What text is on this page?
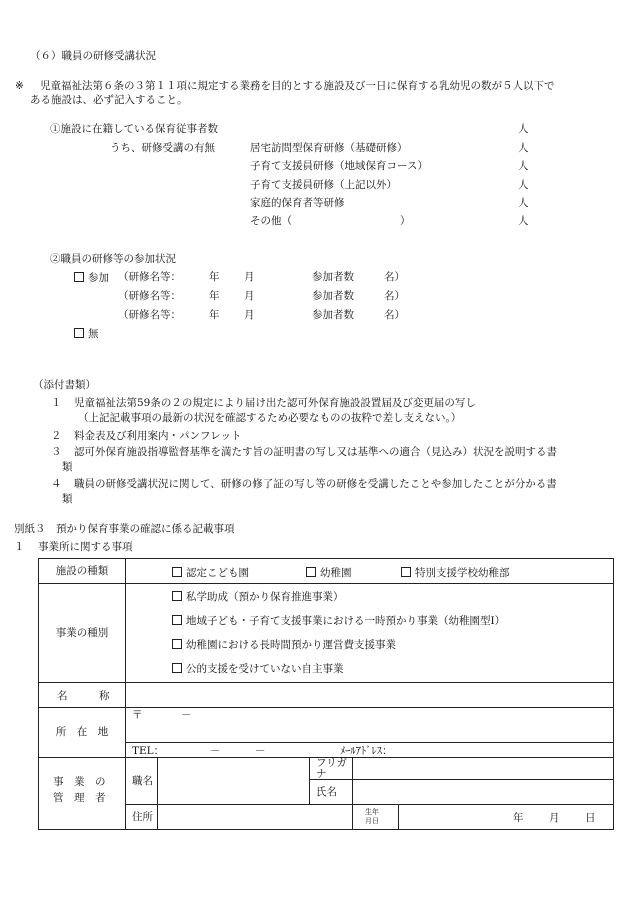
（６）職員の研修受講状況
※ 児童福祉法第６条の３第１１項に規定する業務を目的とする施設及び一日に保育する乳幼児の数が５人以下で
ある施設は、必ず記入すること。
①施設に在籍している保育従事者数	人
うち、研修受講の有無	居宅訪問型保育研修（基礎研修）	人
子育て支援員研修（地域保育コース）	人
子育て支援員研修（上記以外）	人
家庭的保育者等研修	人
その他（	）	人
②職員の研修等の参加状況
参加 （研修名等：	年 月	参加者数	名）
（研修名等：	年 月	参加者数	名）
（研修名等：	年 月	参加者数	名）
無
（添付書類）
１ 児童福祉法第59条の２の規定により届け出た認可外保育施設設置届及び変更届の写し
（上記記載事項の最新の状況を確認するため必要なものの抜粋で差し支えない。）
２ 料金表及び利用案内・パンフレット
３ 認可外保育施設指導監督基準を満たす旨の証明書の写し又は基準への適合（見込み）状況を説明する書
類
４ 職員の研修受講状況に関して、研修の修了証の写し等の研修を受講したことや参加したことが分かる書
類
別紙３　預かり保育事業の確認に係る記載事項
１ 事業所に関する事項
施設の種類	認定こども園 幼稚園 特別支援学校幼稚部				

事業の種別	私学助成（預かり保育推進事業）
地域子ども・子育て支援事業における一時預かり事業（幼稚園型Ⅰ）
幼稚園における長時間預かり運営費支援事業
公的支援を受けていない自主事業				

名 称					

所　在　地	〒 －				

	TEL： － － ﾒｰﾙｱﾄﾞﾚｽ：				

事　業　の
管　理　者	職名		フリガナ		
			氏名		
	住所			生年
月日	年 月 日
